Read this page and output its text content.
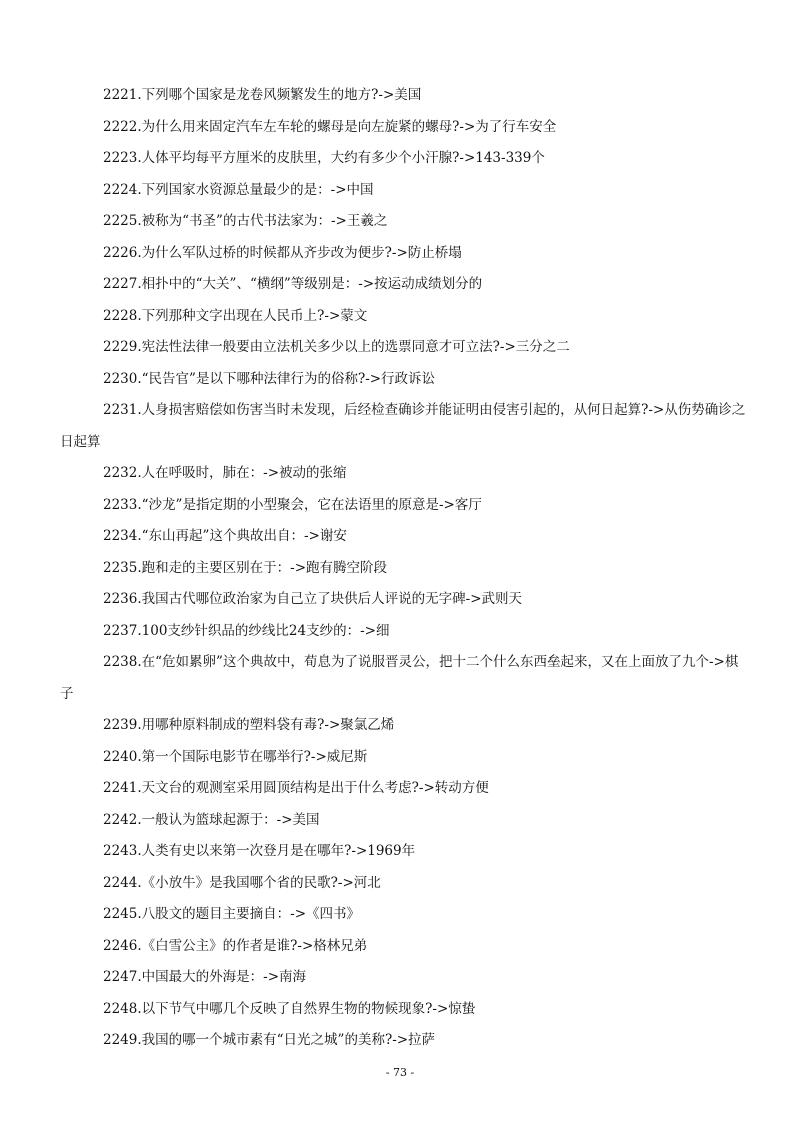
2221.下列哪个国家是龙卷风频繁发生的地方?->美国

2222.为什么用来固定汽车左车轮的螺母是向左旋紧的螺母?->为了行车安全

2223.人体平均每平方厘米的皮肤里，大约有多少个小汗腺?->143-339个

2224.下列国家水资源总量最少的是：->中国

2225.被称为“书圣”的古代书法家为：->王羲之

2226.为什么军队过桥的时候都从齐步改为便步?->防止桥塌

2227.相扑中的“大关”、“横纲”等级别是：->按运动成绩划分的

2228.下列那种文字出现在人民币上?->蒙文

2229.宪法性法律一般要由立法机关多少以上的选票同意才可立法?->三分之二

2230.“民告官”是以下哪种法律行为的俗称?->行政诉讼

2231.人身损害赔偿如伤害当时未发现，后经检查确诊并能证明由侵害引起的，从何日起算?->从伤势确诊之日起算

2232.人在呼吸时，肺在：->被动的张缩

2233.“沙龙”是指定期的小型聚会，它在法语里的原意是->客厅

2234.“东山再起”这个典故出自：->谢安

2235.跑和走的主要区别在于：->跑有腾空阶段

2236.我国古代哪位政治家为自己立了块供后人评说的无字碑->武则天

2237.100支纱针织品的纱线比24支纱的：->细

2238.在“危如累卵”这个典故中，荀息为了说服晋灵公，把十二个什么东西垒起来，又在上面放了九个->棋子

2239.用哪种原料制成的塑料袋有毒?->聚氯乙烯

2240.第一个国际电影节在哪举行?->威尼斯

2241.天文台的观测室采用圆顶结构是出于什么考虑?->转动方便

2242.一般认为篮球起源于：->美国

2243.人类有史以来第一次登月是在哪年?->1969年

2244.《小放牛》是我国哪个省的民歌?->河北

2245.八股文的题目主要摘自：->《四书》

2246.《白雪公主》的作者是谁?->格林兄弟

2247.中国最大的外海是：->南海

2248.以下节气中哪几个反映了自然界生物的物候现象?->惊蛰

2249.我国的哪一个城市素有“日光之城”的美称?->拉萨

- 73 -
